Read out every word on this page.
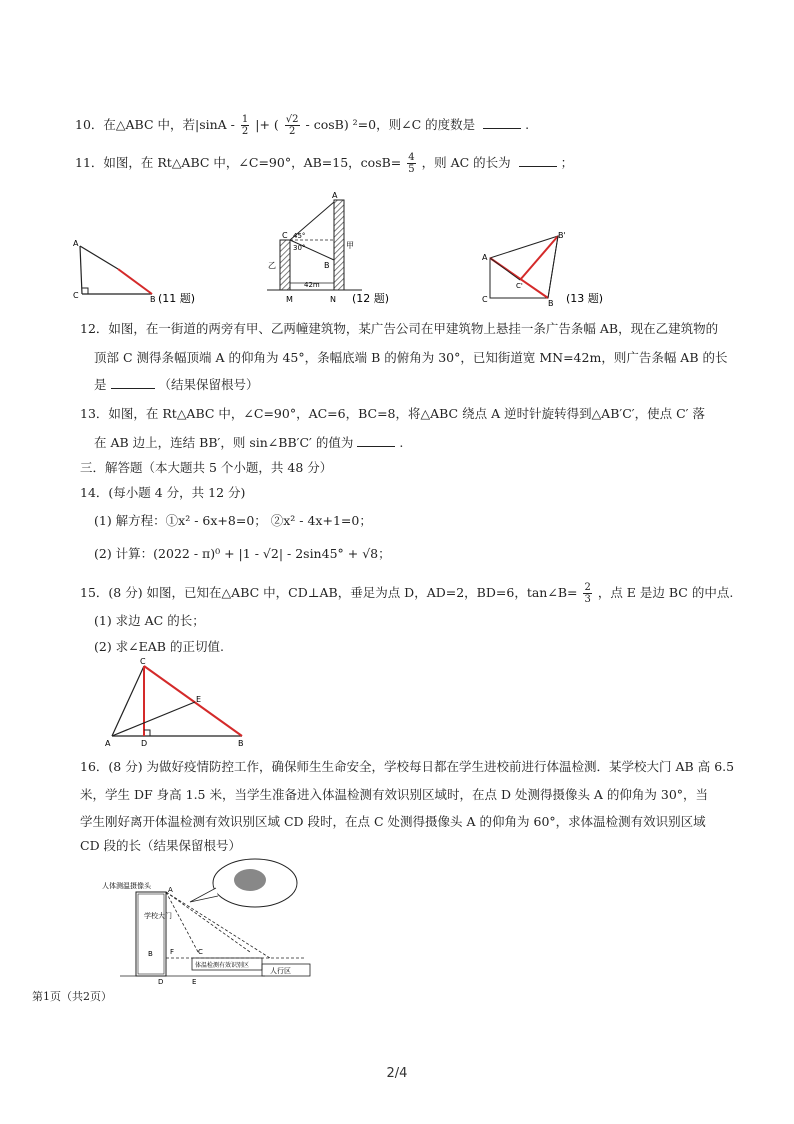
10．在△ABC 中，若$|\sin A - \frac{1}{2}$ |+ ( $\frac{√2}{2} - \cos B$) ²=0，则∠C 的度数是	.
11．如图，在 Rt△ABC 中，∠C=90°，AB=15，$\cos B= \frac{4}{5}$ ，则 AC 的长为	；
A
C	B (11 题)
A
C 45°
30°
B
乙
甲
M	N
42m
(12 题)
B'
A
C'
C	B (13 题)
12．如图，在一街道的两旁有甲、乙两幢建筑物，某广告公司在甲建筑物上悬挂一条广告条幅 AB，现在乙建筑物的
顶部 C 测得条幅顶端 A 的仰角为 45°，条幅底端 B 的俯角为 30°，已知街道宽 MN=42m，则广告条幅 AB 的长
是	（结果保留根号）
13．如图，在 Rt△ABC 中，∠C=90°，AC=6，BC=8，将△ABC 绕点 A 逆时针旋转得到△AB′C′，使点 C′ 落
在 AB 边上，连结 BB′，则 sin∠BB′C′ 的值为	.
三．解答题（本大题共 5 个小题，共 48 分）
14．(每小题 4 分，共 12 分)
(1) 解方程：①x² - 6x+8=0； ②x² - 4x+1=0；
(2) 计算：(2022 - π)⁰ + |1 - √2| - 2sin45° + √8；
15．(8 分) 如图，已知在△ABC 中，CD⊥AB，垂足为点 D，AD=2，BD=6，tan∠B= $\frac{2}{3}$ ，点 E 是边 BC 的中点.
(1) 求边 AC 的长；
(2) 求∠EAB 的正切值.
C
E
A	D	B
16．(8 分) 为做好疫情防控工作，确保师生生命安全，学校每日都在学生进校前进行体温检测．某学校大门 AB 高 6.5
米，学生 DF 身高 1.5 米，当学生准备进入体温检测有效识别区域时，在点 D 处测得摄像头 A 的仰角为 30°，当
学生刚好离开体温检测有效识别区域 CD 段时，在点 C 处测得摄像头 A 的仰角为 60°，求体温检测有效识别区域
CD 段的长（结果保留根号）
人体测温摄像头 A
学校大门
B
D	E
F	C
体温检测有效识别区
人行区
第1页（共2页）
2/4
